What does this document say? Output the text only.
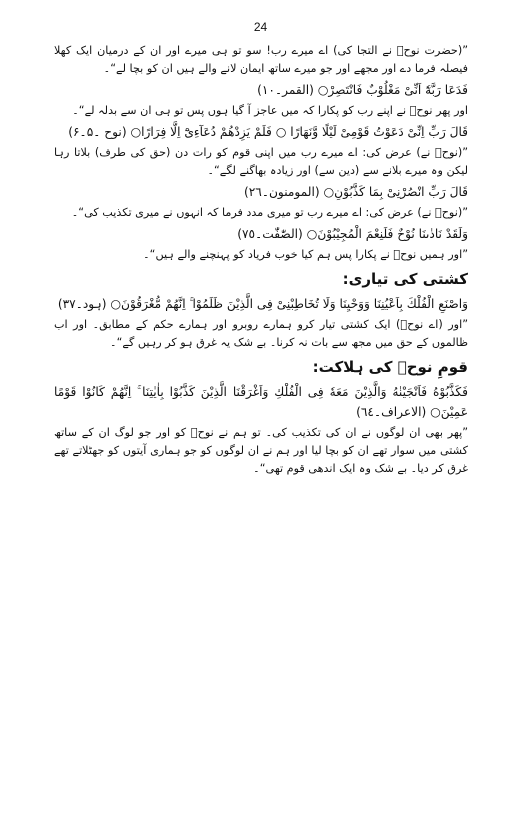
24
”(حضرت نوحؑ نے التجا کی) اے میرے رب! سو تو ہی میرے اور ان کے درمیان ایک کھلا فیصلہ فرما دے اور مجھے اور جو میرے ساتھ ایمان لانے والے ہیں ان کو بچا لے“۔
فَدَعَا رَبَّهٗٓ اَنِّیْ مَغْلُوْبٌ فَانْتَصِرْ○ (القمر۔١٠)
اور پھر نوحؑ نے اپنے رب کو پکارا کہ میں عاجز آ گیا ہوں پس تو ہی ان سے بدلہ لے“۔
قَالَ رَبِّ اِنِّیْ دَعَوْتُ قَوْمِیْ لَیْلًا وَّنَهَارًا ○ فَلَمْ یَزِدْهُمْ دُعَآءِیْٓ اِلَّا فِرَارًا○ (نوح ۔۵۔۶)
”(نوحؑ نے) عرض کی: اے میرے رب میں اپنی قوم کو رات دن (حق کی طرف) بلاتا رہا لیکن وہ میرے بلانے سے (دین سے) اور زیادہ بھاگنے لگے“۔
قَالَ رَبِّ انْصُرْنِیْ بِمَا كَذَّبُوْنِ○ (المومنون۔٢٦)
”(نوحؑ نے) عرض کی: اے میرے رب تو میری مدد فرما کہ انہوں نے میری تکذیب کی“۔
وَلَقَدْ نَادٰىنَا نُوْحٌ فَلَنِعْمَ الْمُجِیْبُوْنَ○ (الصّٰفّٰت۔٧٥)
”اور ہمیں نوحؑ نے پکارا پس ہم کیا خوب فریاد کو پہنچنے والے ہیں“۔
کشتی کی تیاری:
وَاصْنَعِ الْفُلْكَ بِاَعْیُنِنَا وَوَحْیِنَا وَلَا تُخَاطِبْنِیْ فِی الَّذِیْنَ ظَلَمُوْا ۚ اِنَّهُمْ مُّغْرَقُوْنَ○ (ہود۔٣٧)
”اور (اے نوحؑ) ایک کشتی تیار کرو ہمارے روبرو اور ہمارے حکم کے مطابق۔ اور اب ظالموں کے حق میں مجھ سے بات نہ کرنا۔ بے شک یہ غرق ہو کر رہیں گے“۔
قومِ نوحؑ کی ہلاکت:
فَكَذَّبُوْهُ فَاَنْجَیْنٰهُ وَالَّذِیْنَ مَعَهٗ فِی الْفُلْكِ وَاَغْرَقْنَا الَّذِیْنَ كَذَّبُوْا بِاٰیٰتِنَا ۚ اِنَّهُمْ كَانُوْا قَوْمًا عَمِیْنَ○ (الاعراف۔٦٤)
”پھر بھی ان لوگوں نے ان کی تکذیب کی۔ تو ہم نے نوحؑ کو اور جو لوگ ان کے ساتھ کشتی میں سوار تھے ان کو بچا لیا اور ہم نے ان لوگوں کو جو ہماری آیتوں کو جھٹلاتے تھے غرق کر دیا۔ بے شک وہ ایک اندھی قوم تھی“۔
